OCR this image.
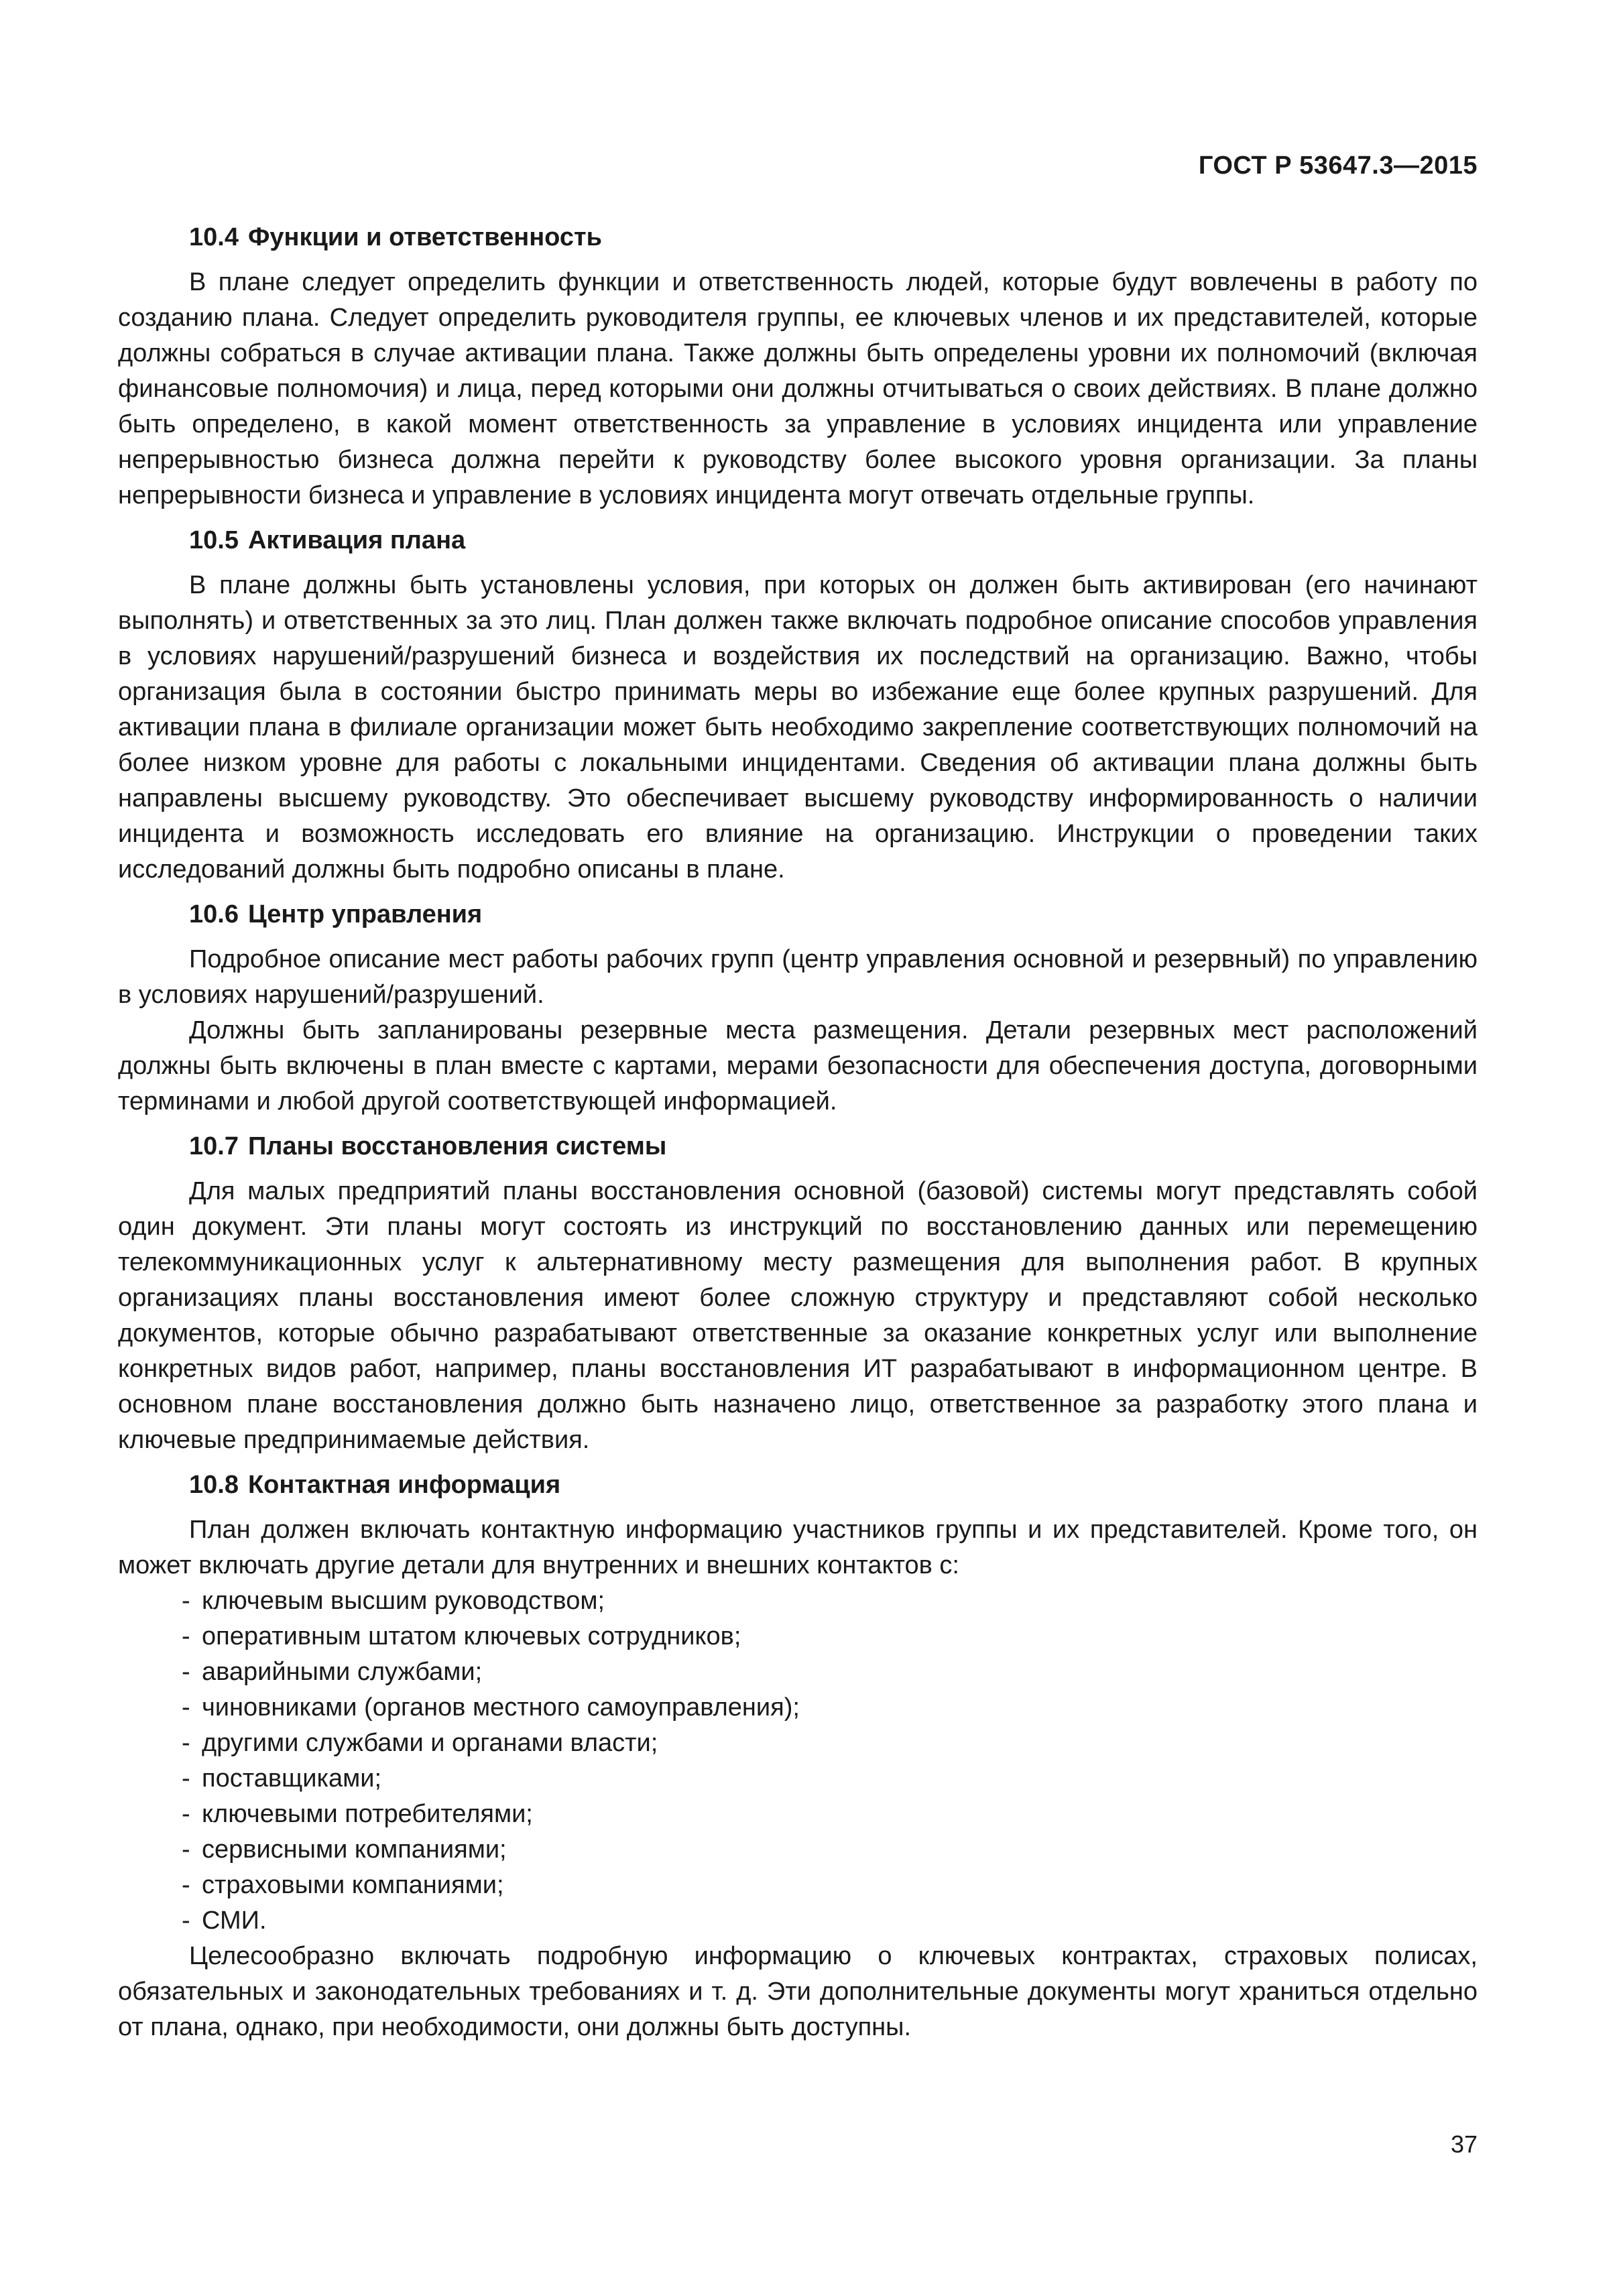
ГОСТ Р 53647.3—2015
10.4 Функции и ответственность

В плане следует определить функции и ответственность людей, которые будут вовлечены в работу по созданию плана. Следует определить руководителя группы, ее ключевых членов и их представителей, которые должны собраться в случае активации плана. Также должны быть определены уровни их полномочий (включая финансовые полномочия) и лица, перед которыми они должны отчитываться о своих действиях. В плане должно быть определено, в какой момент ответственность за управление в условиях инцидента или управление непрерывностью бизнеса должна перейти к руководству более высокого уровня организации. За планы непрерывности бизнеса и управление в условиях инцидента могут отвечать отдельные группы.

10.5 Активация плана

В плане должны быть установлены условия, при которых он должен быть активирован (его начинают выполнять) и ответственных за это лиц. План должен также включать подробное описание способов управления в условиях нарушений/разрушений бизнеса и воздействия их последствий на организацию. Важно, чтобы организация была в состоянии быстро принимать меры во избежание еще более крупных разрушений. Для активации плана в филиале организации может быть необходимо закрепление соответствующих полномочий на более низком уровне для работы с локальными инцидентами. Сведения об активации плана должны быть направлены высшему руководству. Это обеспечивает высшему руководству информированность о наличии инцидента и возможность исследовать его влияние на организацию. Инструкции о проведении таких исследований должны быть подробно описаны в плане.

10.6 Центр управления

Подробное описание мест работы рабочих групп (центр управления основной и резервный) по управлению в условиях нарушений/разрушений.

Должны быть запланированы резервные места размещения. Детали резервных мест расположений должны быть включены в план вместе с картами, мерами безопасности для обеспечения доступа, договорными терминами и любой другой соответствующей информацией.

10.7 Планы восстановления системы

Для малых предприятий планы восстановления основной (базовой) системы могут представлять собой один документ. Эти планы могут состоять из инструкций по восстановлению данных или перемещению телекоммуникационных услуг к альтернативному месту размещения для выполнения работ. В крупных организациях планы восстановления имеют более сложную структуру и представляют собой несколько документов, которые обычно разрабатывают ответственные за оказание конкретных услуг или выполнение конкретных видов работ, например, планы восстановления ИТ разрабатывают в информационном центре. В основном плане восстановления должно быть назначено лицо, ответственное за разработку этого плана и ключевые предпринимаемые действия.

10.8 Контактная информация

План должен включать контактную информацию участников группы и их представителей. Кроме того, он может включать другие детали для внутренних и внешних контактов с:

- ключевым высшим руководством;
- оперативным штатом ключевых сотрудников;
- аварийными службами;
- чиновниками (органов местного самоуправления);
- другими службами и органами власти;
- поставщиками;
- ключевыми потребителями;
- сервисными компаниями;
- страховыми компаниями;
- СМИ.

Целесообразно включать подробную информацию о ключевых контрактах, страховых полисах, обязательных и законодательных требованиях и т. д. Эти дополнительные документы могут храниться отдельно от плана, однако, при необходимости, они должны быть доступны.

37
